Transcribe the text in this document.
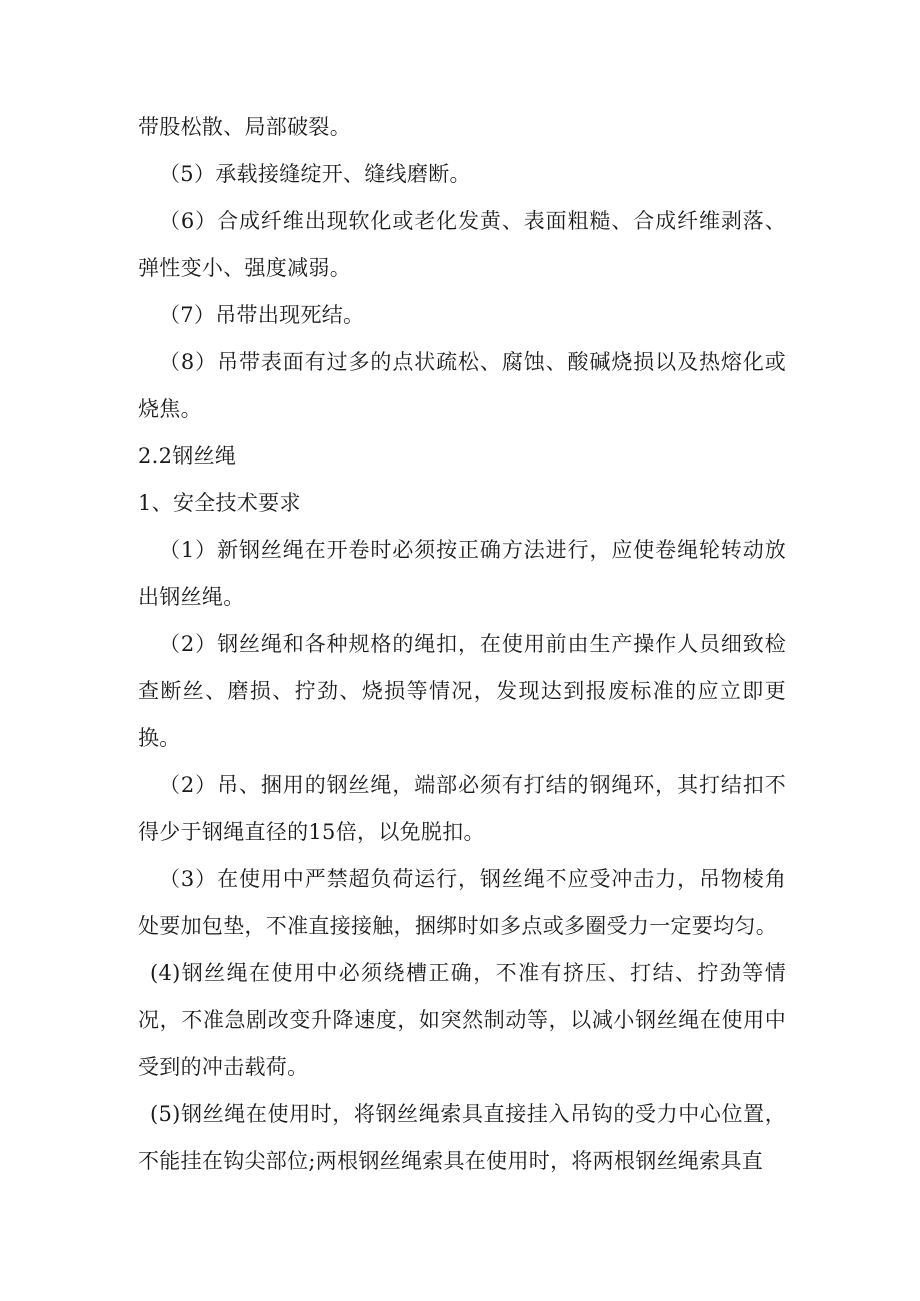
带股松散、局部破裂。

（5）承载接缝绽开、缝线磨断。

（6）合成纤维出现软化或老化发黄、表面粗糙、合成纤维剥落、弹性变小、强度减弱。

（7）吊带出现死结。

（8）吊带表面有过多的点状疏松、腐蚀、酸碱烧损以及热熔化或烧焦。

2.2钢丝绳

1、安全技术要求

（1）新钢丝绳在开卷时必须按正确方法进行，应使卷绳轮转动放出钢丝绳。

（2）钢丝绳和各种规格的绳扣，在使用前由生产操作人员细致检查断丝、磨损、拧劲、烧损等情况，发现达到报废标准的应立即更换。

（2）吊、捆用的钢丝绳，端部必须有打结的钢绳环，其打结扣不得少于钢绳直径的15倍，以免脱扣。

（3）在使用中严禁超负荷运行，钢丝绳不应受冲击力，吊物棱角处要加包垫，不准直接接触，捆绑时如多点或多圈受力一定要均匀。

(4)钢丝绳在使用中必须绕槽正确，不准有挤压、打结、拧劲等情况，不准急剧改变升降速度，如突然制动等，以减小钢丝绳在使用中受到的冲击载荷。

(5)钢丝绳在使用时，将钢丝绳索具直接挂入吊钩的受力中心位置，不能挂在钩尖部位;两根钢丝绳索具在使用时，将两根钢丝绳索具直
